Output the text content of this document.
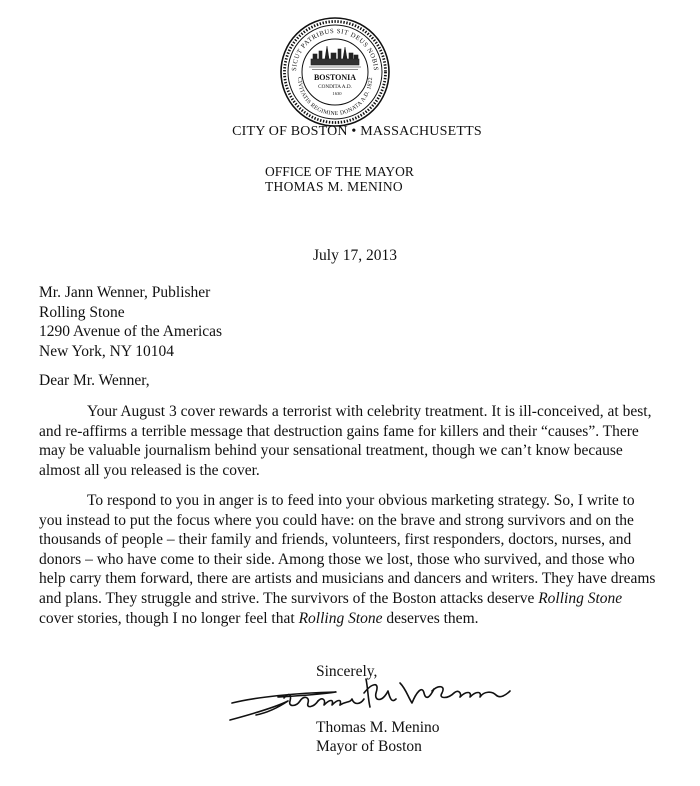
SICUT PATRIBUS SIT DEUS NOBIS
CIVITATIS REGIMINE DONATA A.D. 1822
BOSTONIA
CONDITA A.D.
1630
CITY OF BOSTON • MASSACHUSETTS
OFFICE OF THE MAYOR
THOMAS M. MENINO
July 17, 2013
Mr. Jann Wenner, Publisher
Rolling Stone
1290 Avenue of the Americas
New York, NY 10104
Dear Mr. Wenner,

Your August 3 cover rewards a terrorist with celebrity treatment. It is ill-conceived, at best, and re-affirms a terrible message that destruction gains fame for killers and their “causes”. There may be valuable journalism behind your sensational treatment, though we can’t know because almost all you released is the cover.

To respond to you in anger is to feed into your obvious marketing strategy. So, I write to you instead to put the focus where you could have: on the brave and strong survivors and on the thousands of people – their family and friends, volunteers, first responders, doctors, nurses, and donors – who have come to their side. Among those we lost, those who survived, and those who help carry them forward, there are artists and musicians and dancers and writers. They have dreams and plans. They struggle and strive. The survivors of the Boston attacks deserve Rolling Stone cover stories, though I no longer feel that Rolling Stone deserves them.

Sincerely,
Thomas M. Menino
Mayor of Boston
